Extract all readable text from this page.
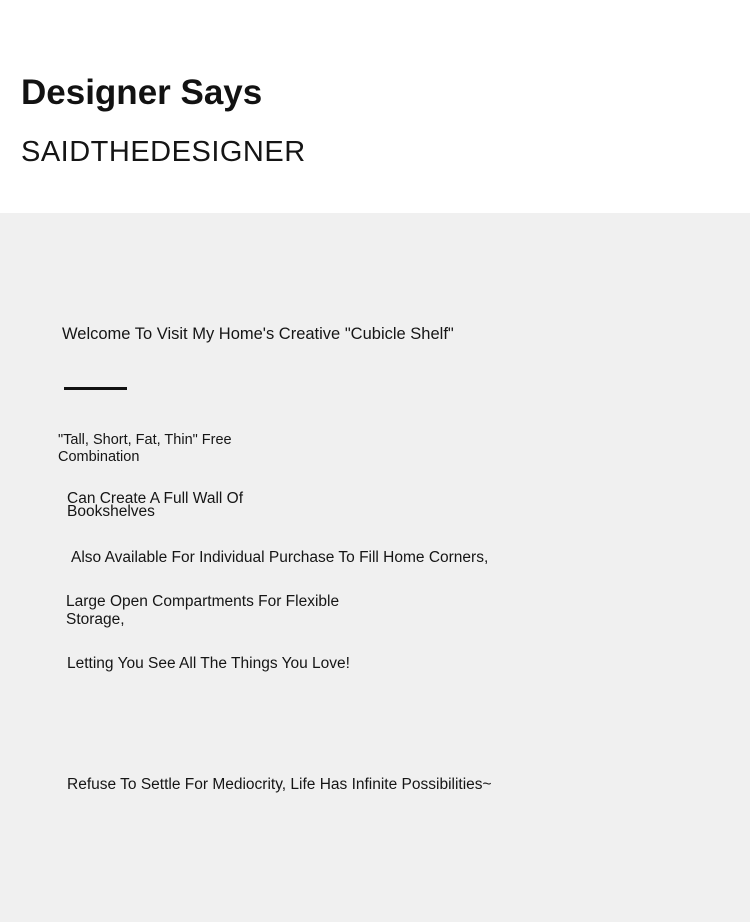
Designer Says

SAIDTHEDESIGNER

Welcome To Visit My Home's Creative "Cubicle Shelf"

"Tall, Short, Fat, Thin" Free Combination

Can Create A Full Wall Of Bookshelves

Also Available For Individual Purchase To Fill Home Corners,

Large Open Compartments For Flexible Storage,

Letting You See All The Things You Love!

Refuse To Settle For Mediocrity, Life Has Infinite Possibilities~
